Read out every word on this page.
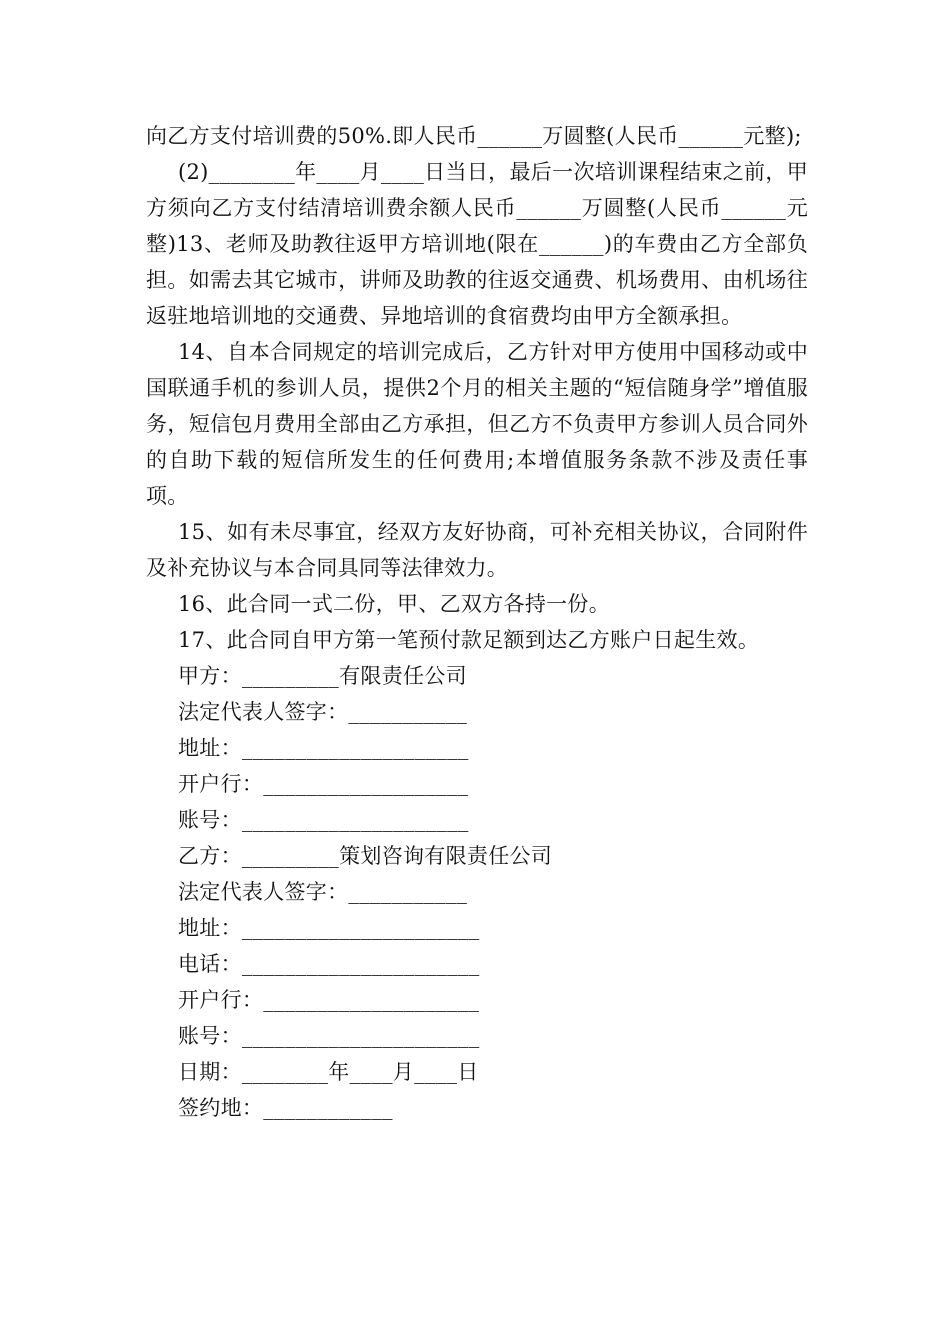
向乙方支付培训费的50%.即人民币______万圆整(人民币______元整);

(2)________年____月____日当日，最后一次培训课程结束之前，甲方须向乙方支付结清培训费余额人民币______万圆整(人民币______元整)13、老师及助教往返甲方培训地(限在______)的车费由乙方全部负担。如需去其它城市，讲师及助教的往返交通费、机场费用、由机场往返驻地培训地的交通费、异地培训的食宿费均由甲方全额承担。

14、自本合同规定的培训完成后，乙方针对甲方使用中国移动或中国联通手机的参训人员，提供2个月的相关主题的“短信随身学”增值服务，短信包月费用全部由乙方承担，但乙方不负责甲方参训人员合同外的自助下载的短信所发生的任何费用;本增值服务条款不涉及责任事项。

15、如有未尽事宜，经双方友好协商，可补充相关协议，合同附件及补充协议与本合同具同等法律效力。

16、此合同一式二份，甲、乙双方各持一份。

17、此合同自甲方第一笔预付款足额到达乙方账户日起生效。

甲方：_________有限责任公司

法定代表人签字：___________

地址：_____________________

开户行：___________________

账号：_____________________

乙方：_________策划咨询有限责任公司

法定代表人签字：___________

地址：______________________

电话：______________________

开户行：____________________

账号：______________________

日期：________年____月____日

签约地：____________
